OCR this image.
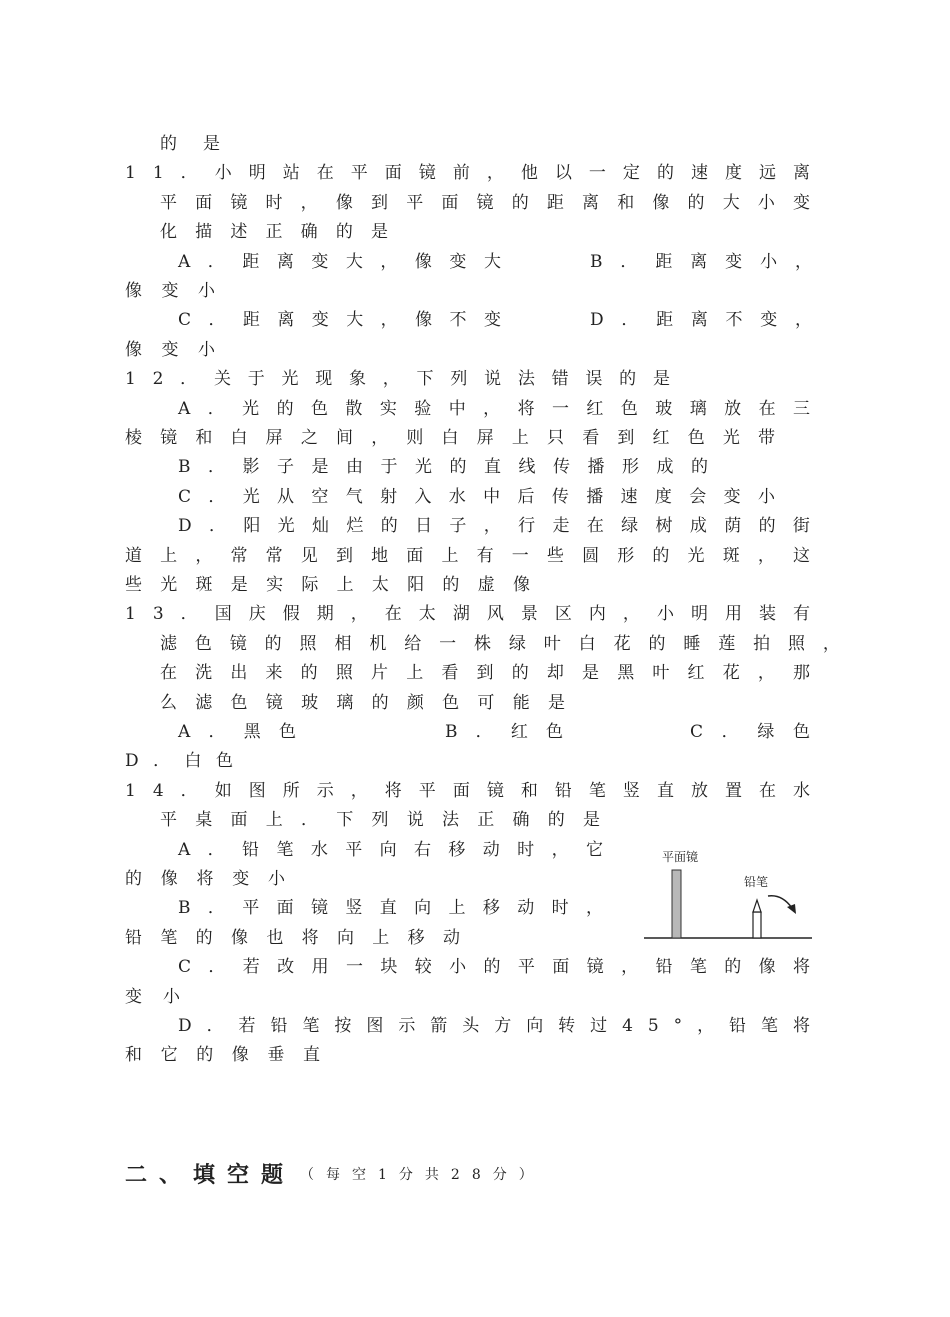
的是
11．小明站在平面镜前，他以一定的速度远离
平面镜时，像到平面镜的距离和像的大小变
化描述正确的是
A．距离变大，像变大	B．距离变小，
像变小
C．距离变大，像不变	D．距离不变，
像变小
12．关于光现象，下列说法错误的是
A．光的色散实验中，将一红色玻璃放在三
棱镜和白屏之间，则白屏上只看到红色光带
B．影子是由于光的直线传播形成的
C．光从空气射入水中后传播速度会变小
D．阳光灿烂的日子，行走在绿树成荫的街
道上，常常见到地面上有一些圆形的光斑，这
些光斑是实际上太阳的虚像
13．国庆假期，在太湖风景区内，小明用装有
滤色镜的照相机给一株绿叶白花的睡莲拍照，
在洗出来的照片上看到的却是黑叶红花，那
么滤色镜玻璃的颜色可能是
A．黑色	B．红色	C．绿色
D．白色
14．如图所示，将平面镜和铅笔竖直放置在水
平桌面上．下列说法正确的是
A．铅笔水平向右移动时，它
的像将变小
B．平面镜竖直向上移动时，
铅笔的像也将向上移动
C．若改用一块较小的平面镜，铅笔的像将
变小
D．若铅笔按图示箭头方向转过45°，铅笔将
和它的像垂直
平面镜
铅笔
二、填空题 （每空1分共28分）
